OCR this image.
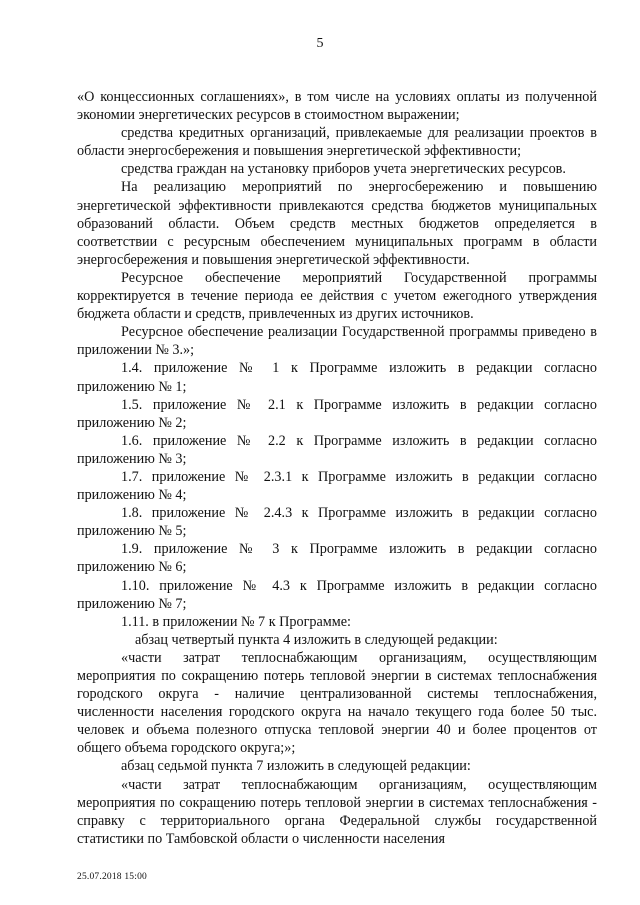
5

«О концессионных соглашениях», в том числе на условиях оплаты из полученной экономии энергетических ресурсов в стоимостном выражении;

средства кредитных организаций, привлекаемые для реализации проектов в области энергосбережения и повышения энергетической эффективности;

средства граждан на установку приборов учета энергетических ресурсов.

На реализацию мероприятий по энергосбережению и повышению энергетической эффективности привлекаются средства бюджетов муниципальных образований области. Объем средств местных бюджетов определяется в соответствии с ресурсным обеспечением муниципальных программ в области энергосбережения и повышения энергетической эффективности.

Ресурсное обеспечение мероприятий Государственной программы корректируется в течение периода ее действия с учетом ежегодного утверждения бюджета области и средств, привлеченных из других источников.

Ресурсное обеспечение реализации Государственной программы приведено в приложении № 3.»;

1.4. приложение № 1 к Программе изложить в редакции согласно приложению № 1;

1.5. приложение № 2.1 к Программе изложить в редакции согласно приложению № 2;

1.6. приложение № 2.2 к Программе изложить в редакции согласно приложению № 3;

1.7. приложение № 2.3.1 к Программе изложить в редакции согласно приложению № 4;

1.8. приложение № 2.4.3 к Программе изложить в редакции согласно приложению № 5;

1.9. приложение № 3 к Программе изложить в редакции согласно приложению № 6;

1.10. приложение № 4.3 к Программе изложить в редакции согласно приложению № 7;

1.11. в приложении № 7 к Программе:

абзац четвертый пункта 4 изложить в следующей редакции:

«части затрат теплоснабжающим организациям, осуществляющим мероприятия по сокращению потерь тепловой энергии в системах теплоснабжения городского округа - наличие централизованной системы теплоснабжения, численности населения городского округа на начало текущего года более 50 тыс. человек и объема полезного отпуска тепловой энергии 40 и более процентов от общего объема городского округа;»;

абзац седьмой пункта 7 изложить в следующей редакции:

«части затрат теплоснабжающим организациям, осуществляющим мероприятия по сокращению потерь тепловой энергии в системах теплоснабжения - справку с территориального органа Федеральной службы государственной статистики по Тамбовской области о численности населения

25.07.2018 15:00
